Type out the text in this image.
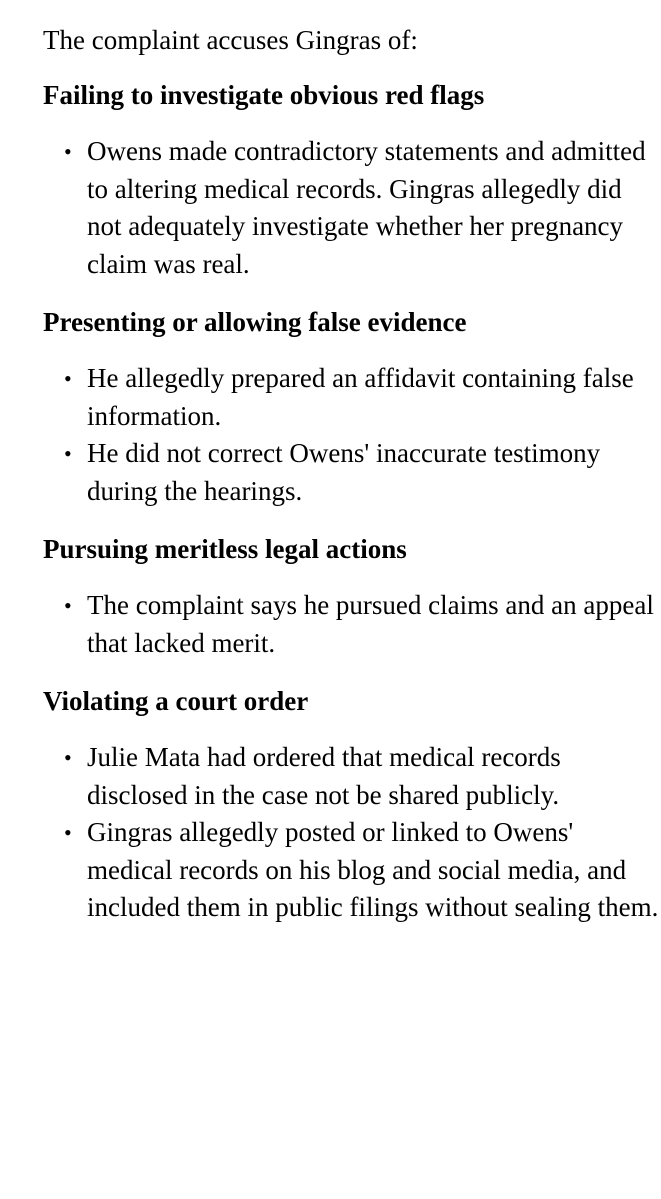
The complaint accuses Gingras of:

Failing to investigate obvious red flags
• Owens made contradictory statements and admitted to altering medical records. Gingras allegedly did not adequately investigate whether her pregnancy claim was real.
Presenting or allowing false evidence
• He allegedly prepared an affidavit containing false information.
• He did not correct Owens' inaccurate testimony during the hearings.
Pursuing meritless legal actions
• The complaint says he pursued claims and an appeal that lacked merit.
Violating a court order
• Julie Mata had ordered that medical records disclosed in the case not be shared publicly.
• Gingras allegedly posted or linked to Owens' medical records on his blog and social media, and included them in public filings without sealing them.
